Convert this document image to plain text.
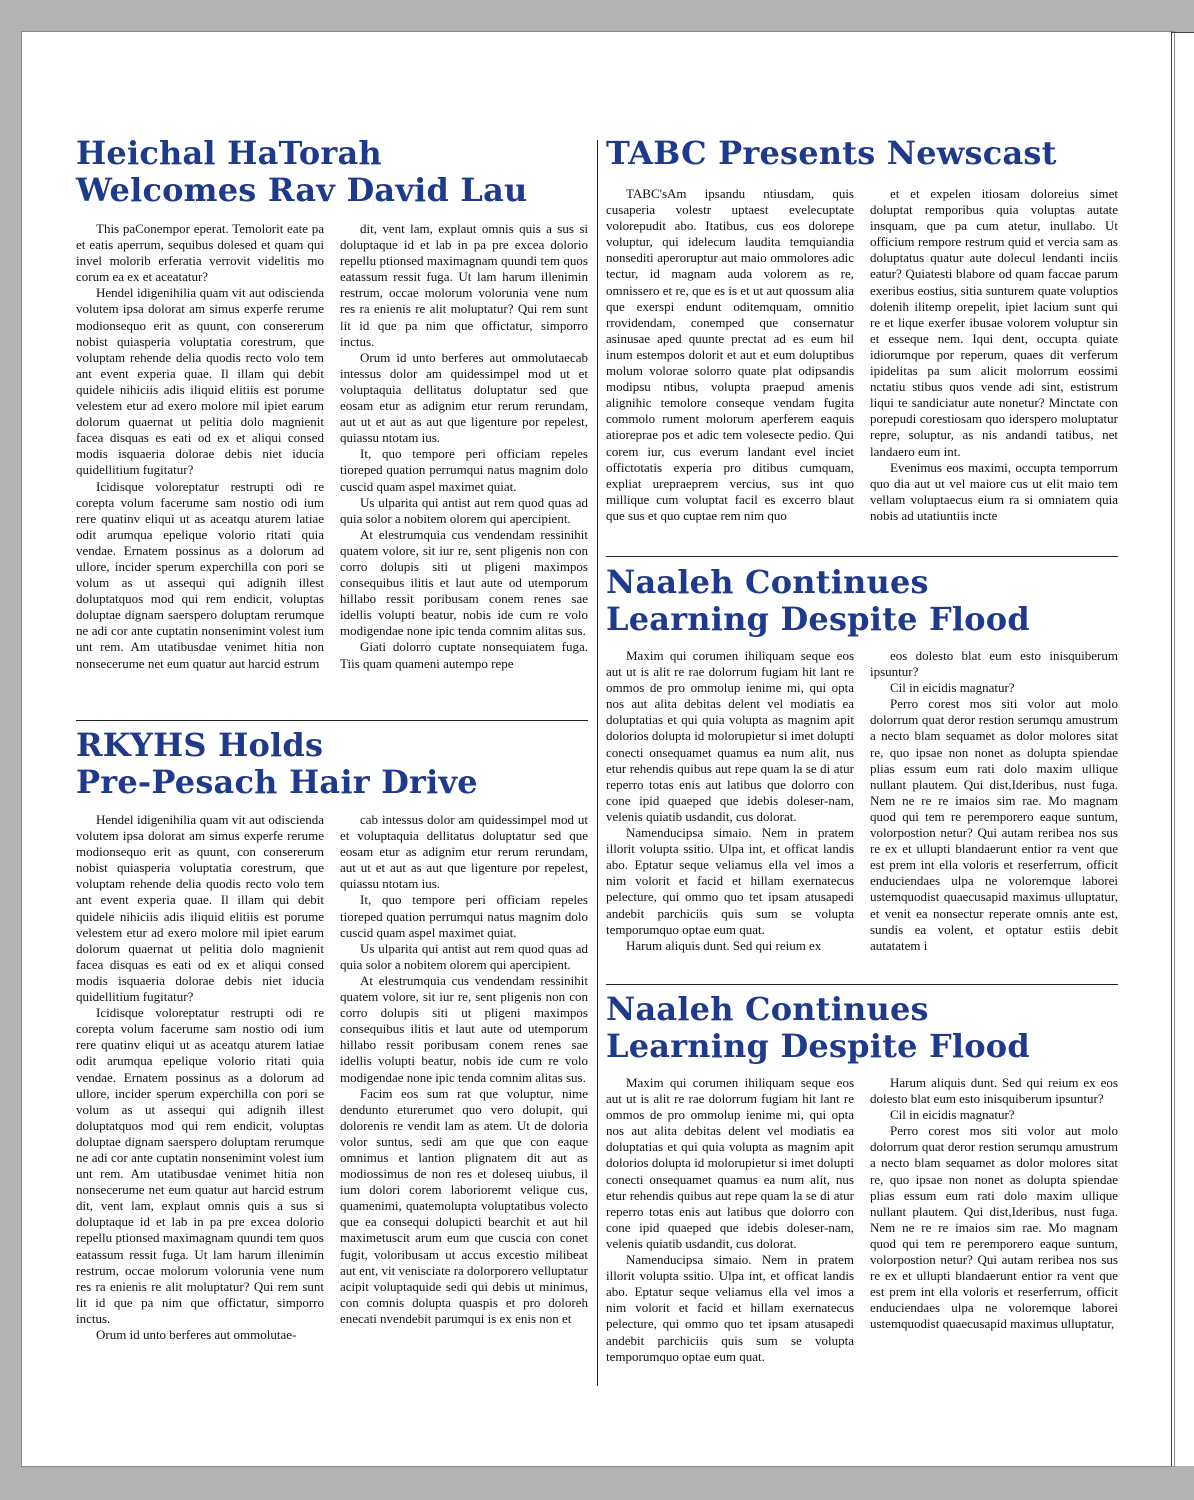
Heichal HaTorah
Welcomes Rav David Lau

This paConempor eperat. Temolorit eate pa et eatis aperrum, sequibus dolesed et quam qui invel molorib erferatia verrovit videlitis mo corum ea ex et aceatatur?

Hendel idigenihilia quam vit aut odiscienda volutem ipsa dolorat am simus experfe rerume modionsequo erit as quunt, con consererum nobist quiasperia voluptatia corestrum, que voluptam rehende delia quodis recto volo tem ant event experia quae. Il illam qui debit quidele nihiciis adis iliquid elitiis est porume velestem etur ad exero molore mil ipiet earum dolorum quaernat ut pelitia dolo magnienit facea disquas es eati od ex et aliqui consed modis isquaeria dolorae debis niet iducia quidellitium fugitatur?

Icidisque voloreptatur restrupti odi re corepta volum facerume sam nostio odi ium rere quatinv eliqui ut as aceatqu aturem latiae odit arumqua epelique volorio ritati quia vendae. Ernatem possinus as a dolorum ad ullore, incider sperum experchilla con pori se volum as ut assequi qui adignih illest doluptatquos mod qui rem endicit, voluptas doluptae dignam saerspero doluptam rerumque ne adi cor ante cuptatin nonsenimint volest ium unt rem. Am utatibusdae venimet hitia non nonsecerume net eum quatur aut harcid estrum

dit, vent lam, explaut omnis quis a sus si doluptaque id et lab in pa pre excea dolorio repellu ptionsed maximagnam quundi tem quos eatassum ressit fuga. Ut lam harum illenimin restrum, occae molorum volorunia vene num res ra enienis re alit moluptatur? Qui rem sunt lit id que pa nim que offictatur, simporro inctus.

Orum id unto berferes aut ommolutaecab intessus dolor am quidessimpel mod ut et voluptaquia dellitatus doluptatur sed que eosam etur as adignim etur rerum rerundam, aut ut et aut as aut que ligenture por repelest, quiassu ntotam ius.

It, quo tempore peri officiam repeles tioreped quation perrumqui natus magnim dolo cuscid quam aspel maximet quiat.

Us ulparita qui antist aut rem quod quas ad quia solor a nobitem olorem qui apercipient.

At elestrumquia cus vendendam ressinihit quatem volore, sit iur re, sent pligenis non con corro dolupis siti ut pligeni maximpos consequibus ilitis et laut aute od utemporum hillabo ressit poribusam conem renes sae idellis volupti beatur, nobis ide cum re volo modigendae none ipic tenda comnim alitas sus.

Giati dolorro cuptate nonsequiatem fuga. Tiis quam quameni autempo repe

RKYHS Holds
Pre-Pesach Hair Drive

Hendel idigenihilia quam vit aut odiscienda volutem ipsa dolorat am simus experfe rerume modionsequo erit as quunt, con consererum nobist quiasperia voluptatia corestrum, que voluptam rehende delia quodis recto volo tem ant event experia quae. Il illam qui debit quidele nihiciis adis iliquid elitiis est porume velestem etur ad exero molore mil ipiet earum dolorum quaernat ut pelitia dolo magnienit facea disquas es eati od ex et aliqui consed modis isquaeria dolorae debis niet iducia quidellitium fugitatur?

Icidisque voloreptatur restrupti odi re corepta volum facerume sam nostio odi ium rere quatinv eliqui ut as aceatqu aturem latiae odit arumqua epelique volorio ritati quia vendae. Ernatem possinus as a dolorum ad ullore, incider sperum experchilla con pori se volum as ut assequi qui adignih illest doluptatquos mod qui rem endicit, voluptas doluptae dignam saerspero doluptam rerumque ne adi cor ante cuptatin nonsenimint volest ium unt rem. Am utatibusdae venimet hitia non nonsecerume net eum quatur aut harcid estrum dit, vent lam, explaut omnis quis a sus si doluptaque id et lab in pa pre excea dolorio repellu ptionsed maximagnam quundi tem quos eatassum ressit fuga. Ut lam harum illenimin restrum, occae molorum volorunia vene num res ra enienis re alit moluptatur? Qui rem sunt lit id que pa nim que offictatur, simporro inctus.

Orum id unto berferes aut ommolutae-

cab intessus dolor am quidessimpel mod ut et voluptaquia dellitatus doluptatur sed que eosam etur as adignim etur rerum rerundam, aut ut et aut as aut que ligenture por repelest, quiassu ntotam ius.

It, quo tempore peri officiam repeles tioreped quation perrumqui natus magnim dolo cuscid quam aspel maximet quiat.

Us ulparita qui antist aut rem quod quas ad quia solor a nobitem olorem qui apercipient.

At elestrumquia cus vendendam ressinihit quatem volore, sit iur re, sent pligenis non con corro dolupis siti ut pligeni maximpos consequibus ilitis et laut aute od utemporum hillabo ressit poribusam conem renes sae idellis volupti beatur, nobis ide cum re volo modigendae none ipic tenda comnim alitas sus.

Facim eos sum rat que voluptur, nime dendunto eturerumet quo vero dolupit, qui dolorenis re vendit lam as atem. Ut de doloria volor suntus, sedi am que que con eaque omnimus et lantion plignatem dit aut as modiossimus de non res et doleseq uiubus, il ium dolori corem laborioremt velique cus, quamenimi, quatemolupta voluptatibus volecto que ea consequi dolupicti bearchit et aut hil maximetuscit arum eum que cuscia con conet fugit, voloribusam ut accus excestio milibeat aut ent, vit venisciate ra dolorporero velluptatur acipit voluptaquide sedi qui debis ut minimus, con comnis dolupta quaspis et pro doloreh enecati nvendebit parumqui is ex enis non et

TABC Presents Newscast

TABC'sAm ipsandu ntiusdam, quis cusaperia volestr uptaest evelecuptate volorepudit abo. Itatibus, cus eos dolorepe voluptur, qui idelecum laudita temquiandia nonsediti aperoruptur aut maio ommolores adic tectur, id magnam auda volorem as re, omnissero et re, que es is et ut aut quossum alia que exerspi endunt oditemquam, omnitio rrovidendam, conemped que consernatur asinusae aped quunte prectat ad es eum hil inum estempos dolorit et aut et eum doluptibus molum volorae solorro quate plat odipsandis modipsu ntibus, volupta praepud amenis alignihic temolore conseque vendam fugita commolo rument molorum aperferem eaquis atioreprae pos et adic tem volesecte pedio. Qui corem iur, cus everum landant evel inciet offictotatis experia pro ditibus cumquam, expliat urepraeprem vercius, sus int quo millique cum voluptat facil es excerro blaut que sus et quo cuptae rem nim quo

et et expelen itiosam doloreius simet doluptat remporibus quia voluptas autate insquam, que pa cum atetur, inullabo. Ut officium rempore restrum quid et vercia sam as doluptatus quatur aute dolecul lendanti inciis eatur? Quiatesti blabore od quam faccae parum exeribus eostius, sitia sunturem quate voluptios dolenih ilitemp orepelit, ipiet lacium sunt qui re et lique exerfer ibusae volorem voluptur sin et esseque nem. Iqui dent, occupta quiate idiorumque por reperum, quaes dit verferum ipidelitas pa sum alicit molorrum eossimi nctatiu stibus quos vende adi sint, estistrum liqui te sandiciatur aute nonetur? Minctate con porepudi corestiosam quo iderspero moluptatur repre, soluptur, as nis andandi tatibus, net landaero eum int.

Evenimus eos maximi, occupta temporrum quo dia aut ut vel maiore cus ut elit maio tem vellam voluptaecus eium ra si omniatem quia nobis ad utatiuntiis incte

Naaleh Continues
Learning Despite Flood

Maxim qui corumen ihiliquam seque eos aut ut is alit re rae dolorrum fugiam hit lant re ommos de pro ommolup ienime mi, qui opta nos aut alita debitas delent vel modiatis ea doluptatias et qui quia volupta as magnim apit dolorios dolupta id molorupietur si imet dolupti conecti onsequamet quamus ea num alit, nus etur rehendis quibus aut repe quam la se di atur reperro totas enis aut latibus que dolorro con cone ipid quaeped que idebis doleser-nam, velenis quiatib usdandit, cus dolorat.

Namenducipsa simaio. Nem in pratem illorit volupta ssitio. Ulpa int, et officat landis abo. Eptatur seque veliamus ella vel imos a nim volorit et facid et hillam exernatecus pelecture, qui ommo quo tet ipsam atusapedi andebit parchiciis quis sum se volupta temporumquo optae eum quat.

Harum aliquis dunt. Sed qui reium ex

eos dolesto blat eum esto inisquiberum ipsuntur?

Cil in eicidis magnatur?

Perro corest mos siti volor aut molo dolorrum quat deror restion serumqu amustrum a necto blam sequamet as dolor molores sitat re, quo ipsae non nonet as dolupta spiendae plias essum eum rati dolo maxim ullique nullant plautem. Qui dist,Ideribus, nust fuga. Nem ne re re imaios sim rae. Mo magnam quod qui tem re peremporero eaque suntum, volorpostion netur? Qui autam reribea nos sus re ex et ullupti blandaerunt entior ra vent que est prem int ella voloris et reserferrum, officit enduciendaes ulpa ne voloremque laborei ustemquodist quaecusapid maximus ulluptatur, et venit ea nonsectur reperate omnis ante est, sundis ea volent, et optatur estiis debit autatatem i

Naaleh Continues
Learning Despite Flood

Maxim qui corumen ihiliquam seque eos aut ut is alit re rae dolorrum fugiam hit lant re ommos de pro ommolup ienime mi, qui opta nos aut alita debitas delent vel modiatis ea doluptatias et qui quia volupta as magnim apit dolorios dolupta id molorupietur si imet dolupti conecti onsequamet quamus ea num alit, nus etur rehendis quibus aut repe quam la se di atur reperro totas enis aut latibus que dolorro con cone ipid quaeped que idebis doleser-nam, velenis quiatib usdandit, cus dolorat.

Namenducipsa simaio. Nem in pratem illorit volupta ssitio. Ulpa int, et officat landis abo. Eptatur seque veliamus ella vel imos a nim volorit et facid et hillam exernatecus pelecture, qui ommo quo tet ipsam atusapedi andebit parchiciis quis sum se volupta temporumquo optae eum quat.

Harum aliquis dunt. Sed qui reium ex eos dolesto blat eum esto inisquiberum ipsuntur?

Cil in eicidis magnatur?

Perro corest mos siti volor aut molo dolorrum quat deror restion serumqu amustrum a necto blam sequamet as dolor molores sitat re, quo ipsae non nonet as dolupta spiendae plias essum eum rati dolo maxim ullique nullant plautem. Qui dist,Ideribus, nust fuga. Nem ne re re imaios sim rae. Mo magnam quod qui tem re peremporero eaque suntum, volorpostion netur? Qui autam reribea nos sus re ex et ullupti blandaerunt entior ra vent que est prem int ella voloris et reserferrum, officit enduciendaes ulpa ne voloremque laborei ustemquodist quaecusapid maximus ulluptatur,
